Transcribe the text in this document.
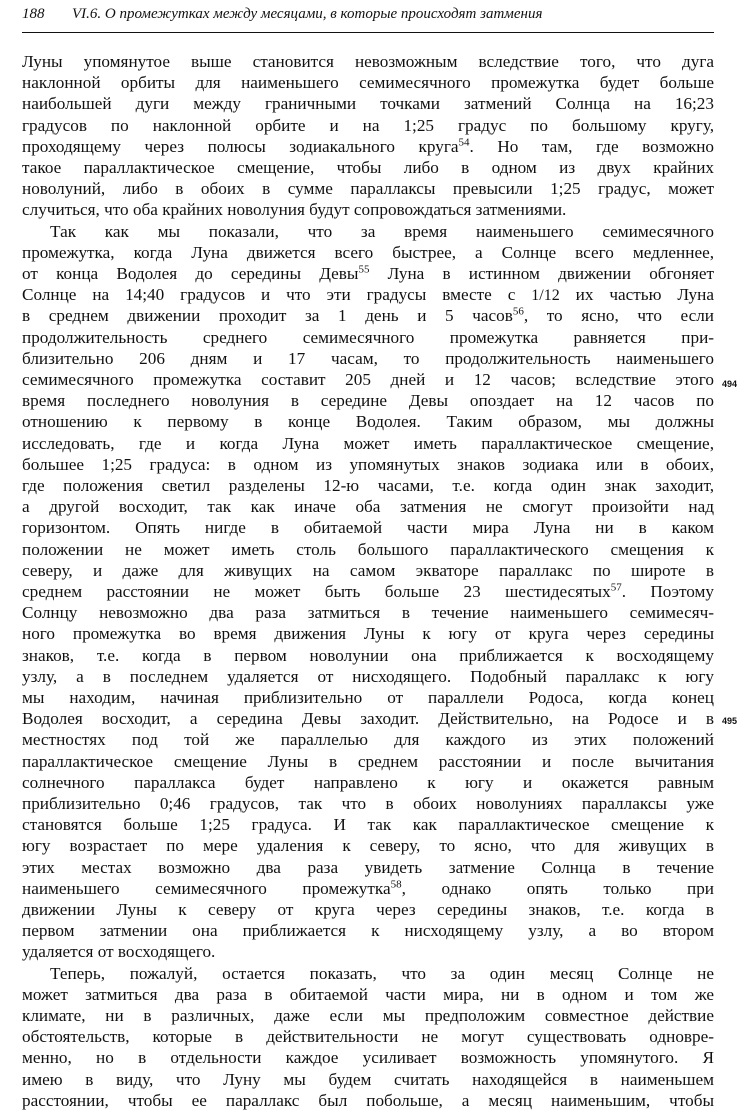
188 VI.6. О промежутках между месяцами, в которые происходят затмения
Луны упомянутое выше становится невозможным вследствие того, что дуга
наклонной орбиты для наименьшего семимесячного промежутка будет больше
наибольшей дуги между граничными точками затмений Солнца на 16;23
градусов по наклонной орбите и на 1;25 градус по большому кругу,
проходящему через полюсы зодиакального круга$^{54}$. Но там, где возможно
такое параллактическое смещение, чтобы либо в одном из двух крайних
новолуний, либо в обоих в сумме параллаксы превысили 1;25 градус, может
случиться, что оба крайних новолуния будут сопровождаться затмениями.
Так как мы показали, что за время наименьшего семимесячного
промежутка, когда Луна движется всего быстрее, а Солнце всего медленнее,
от конца Водолея до середины Девы$^{55}$ Луна в истинном движении обгоняет
Солнце на 14;40 градусов и что эти градусы вместе с 1/12 их частью Луна
в среднем движении проходит за 1 день и 5 часов$^{56}$, то ясно, что если
продолжительность среднего семимесячного промежутка равняется при-
близительно 206 дням и 17 часам, то продолжительность наименьшего
семимесячного промежутка составит 205 дней и 12 часов; вследствие этого
время последнего новолуния в середине Девы опоздает на 12 часов по
отношению к первому в конце Водолея. Таким образом, мы должны
исследовать, где и когда Луна может иметь параллактическое смещение,
большее 1;25 градуса: в одном из упомянутых знаков зодиака или в обоих,
где положения светил разделены 12-ю часами, т.е. когда один знак заходит,
а другой восходит, так как иначе оба затмения не смогут произойти над
горизонтом. Опять нигде в обитаемой части мира Луна ни в каком
положении не может иметь столь большого параллактического смещения к
северу, и даже для живущих на самом экваторе параллакс по широте в
среднем расстоянии не может быть больше 23 шестидесятых$^{57}$. Поэтому
Солнцу невозможно два раза затмиться в течение наименьшего семимесяч-
ного промежутка во время движения Луны к югу от круга через середины
знаков, т.е. когда в первом новолунии она приближается к восходящему
узлу, а в последнем удаляется от нисходящего. Подобный параллакс к югу
мы находим, начиная приблизительно от параллели Родоса, когда конец
Водолея восходит, а середина Девы заходит. Действительно, на Родосе и в
местностях под той же параллелью для каждого из этих положений
параллактическое смещение Луны в среднем расстоянии и после вычитания
солнечного параллакса будет направлено к югу и окажется равным
приблизительно 0;46 градусов, так что в обоих новолуниях параллаксы уже
становятся больше 1;25 градуса. И так как параллактическое смещение к
югу возрастает по мере удаления к северу, то ясно, что для живущих в
этих местах возможно два раза увидеть затмение Солнца в течение
наименьшего семимесячного промежутка$^{58}$, однако опять только при
движении Луны к северу от круга через середины знаков, т.е. когда в
первом затмении она приближается к нисходящему узлу, а во втором
удаляется от восходящего.
Теперь, пожалуй, остается показать, что за один месяц Солнце не
может затмиться два раза в обитаемой части мира, ни в одном и том же
климате, ни в различных, даже если мы предположим совместное действие
обстоятельств, которые в действительности не могут существовать одновре-
менно, но в отдельности каждое усиливает возможность упомянутого. Я
имею в виду, что Луну мы будем считать находящейся в наименьшем
расстоянии, чтобы ее параллакс был побольше, а месяц наименьшим, чтобы
494
495
